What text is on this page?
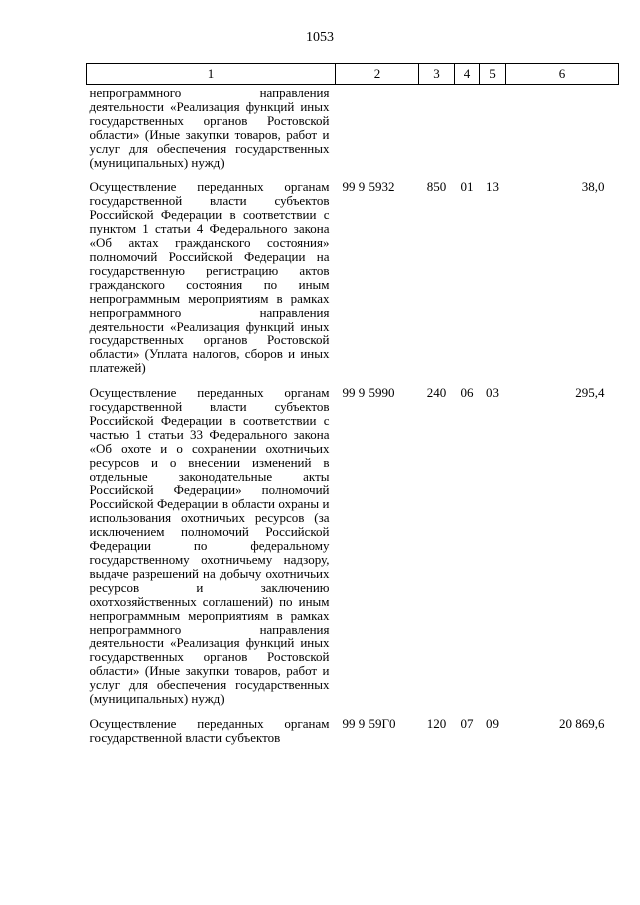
1053
1	2	3	4	5	6
непрограммного направления деятельности «Реализация функций иных государственных органов Ростовской области» (Иные закупки товаров, работ и услуг для обеспечения государственных (муниципальных) нужд)					
Осуществление переданных органам государственной власти субъектов Российской Федерации в соответствии с пунктом 1 статьи 4 Федерального закона «Об актах гражданского состояния» полномочий Российской Федерации на государственную регистрацию актов гражданского состояния по иным непрограммным мероприятиям в рамках непрограммного направления деятельности «Реализация функций иных государственных органов Ростовской области» (Уплата налогов, сборов и иных платежей)	99 9 5932	850	01	13	38,0
Осуществление переданных органам государственной власти субъектов Российской Федерации в соответствии с частью 1 статьи 33 Федерального закона «Об охоте и о сохранении охотничьих ресурсов и о внесении изменений в отдельные законодательные акты Российской Федерации» полномочий Российской Федерации в области охраны и использования охотничьих ресурсов (за исключением полномочий Российской Федерации по федеральному государственному охотничьему надзору, выдаче разрешений на добычу охотничьих ресурсов и заключению охотхозяйственных соглашений) по иным непрограммным мероприятиям в рамках непрограммного направления деятельности «Реализация функций иных государственных органов Ростовской области» (Иные закупки товаров, работ и услуг для обеспечения государственных (муниципальных) нужд)	99 9 5990	240	06	03	295,4
Осуществление переданных органам государственной власти субъектов	99 9 59Г0	120	07	09	20 869,6
